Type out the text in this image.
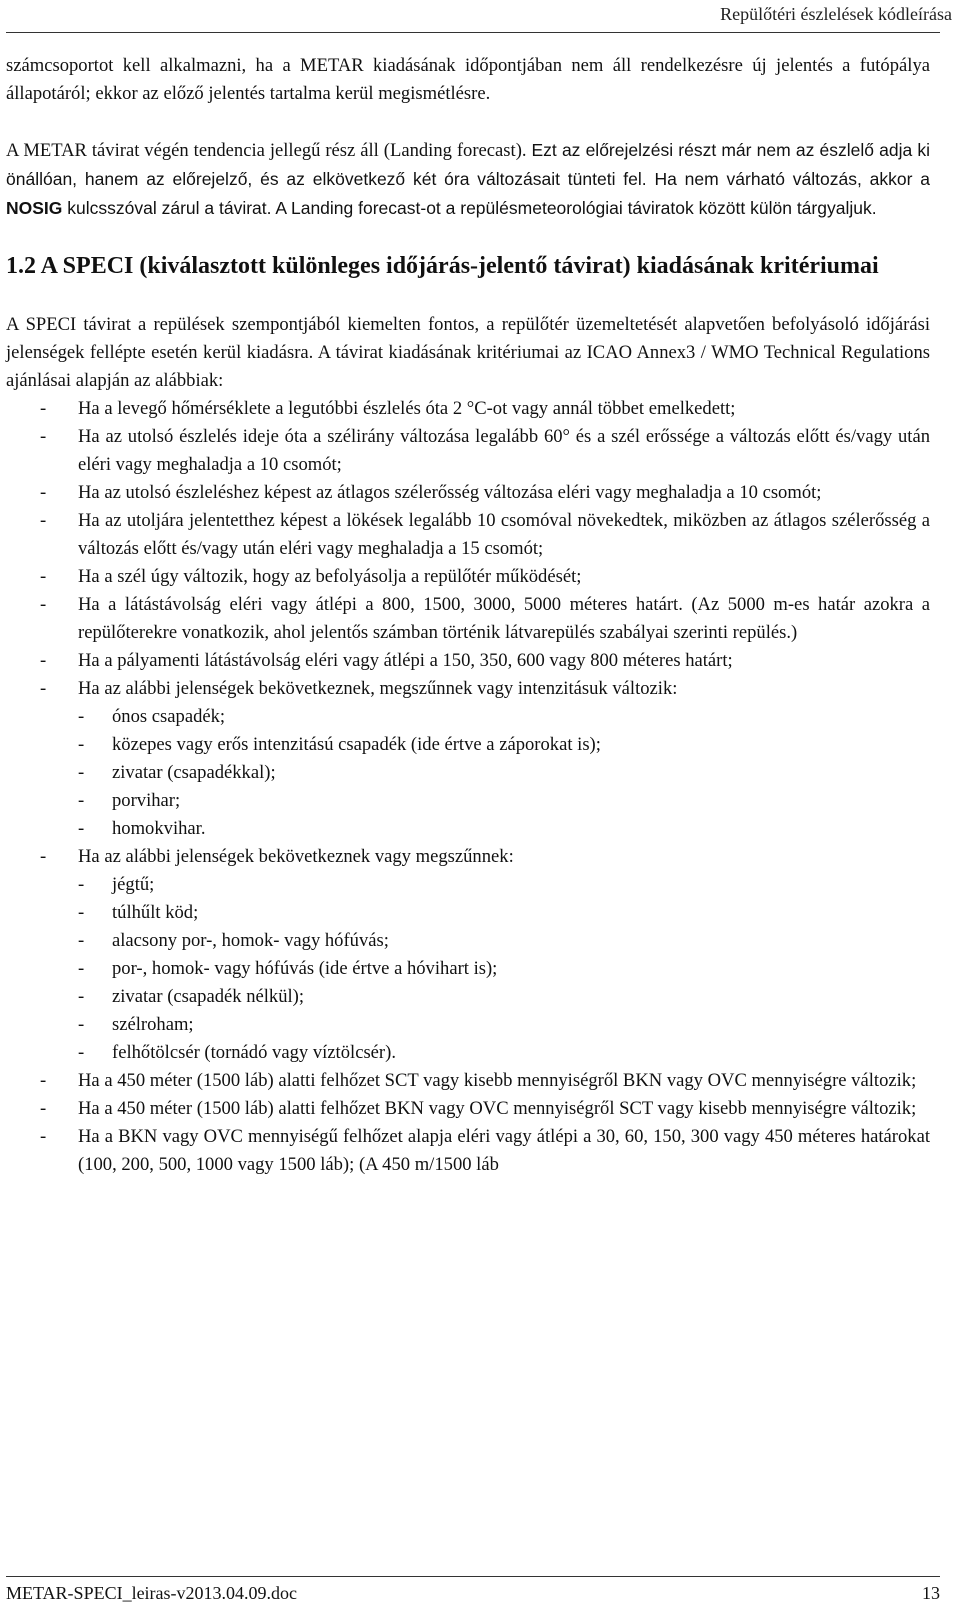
Repülőtéri észlelések kódleírása

számcsoportot kell alkalmazni, ha a METAR kiadásának időpontjában nem áll rendelkezésre új jelentés a futópálya állapotáról; ekkor az előző jelentés tartalma kerül megismétlésre.

A METAR távirat végén tendencia jellegű rész áll (Landing forecast). Ezt az előrejelzési részt már nem az észlelő adja ki önállóan, hanem az előrejelző, és az elkövetkező két óra változásait tünteti fel. Ha nem várható változás, akkor a NOSIG kulcsszóval zárul a távirat. A Landing forecast-ot a repülésmeteorológiai táviratok között külön tárgyaljuk.

1.2 A SPECI (kiválasztott különleges időjárás-jelentő távirat) kiadásának kritériumai

A SPECI távirat a repülések szempontjából kiemelten fontos, a repülőtér üzemeltetését alapvetően befolyásoló időjárási jelenségek fellépte esetén kerül kiadásra. A távirat kiadásának kritériumai az ICAO Annex3 / WMO Technical Regulations ajánlásai alapján az alábbiak:

- Ha a levegő hőmérséklete a legutóbbi észlelés óta 2 °C-ot vagy annál többet emelkedett;
- Ha az utolsó észlelés ideje óta a szélirány változása legalább 60° és a szél erőssége a változás előtt és/vagy után eléri vagy meghaladja a 10 csomót;
- Ha az utolsó észleléshez képest az átlagos szélerősség változása eléri vagy meghaladja a 10 csomót;
- Ha az utoljára jelentetthez képest a lökések legalább 10 csomóval növekedtek, miközben az átlagos szélerősség a változás előtt és/vagy után eléri vagy meghaladja a 15 csomót;
- Ha a szél úgy változik, hogy az befolyásolja a repülőtér működését;
- Ha a látástávolság eléri vagy átlépi a 800, 1500, 3000, 5000 méteres határt. (Az 5000 m-es határ azokra a repülőterekre vonatkozik, ahol jelentős számban történik látvarepülés szabályai szerinti repülés.)
- Ha a pályamenti látástávolság eléri vagy átlépi a 150, 350, 600 vagy 800 méteres határt;
- Ha az alábbi jelenségek bekövetkeznek, megszűnnek vagy intenzitásuk változik:
- ónos csapadék;
- közepes vagy erős intenzitású csapadék (ide értve a záporokat is);
- zivatar (csapadékkal);
- porvihar;
- homokvihar.
- Ha az alábbi jelenségek bekövetkeznek vagy megszűnnek:
- jégtű;
- túlhűlt köd;
- alacsony por-, homok- vagy hófúvás;
- por-, homok- vagy hófúvás (ide értve a hóvihart is);
- zivatar (csapadék nélkül);
- szélroham;
- felhőtölcsér (tornádó vagy víztölcsér).
- Ha a 450 méter (1500 láb) alatti felhőzet SCT vagy kisebb mennyiségről BKN vagy OVC mennyiségre változik;
- Ha a 450 méter (1500 láb) alatti felhőzet BKN vagy OVC mennyiségről SCT vagy kisebb mennyiségre változik;
- Ha a BKN vagy OVC mennyiségű felhőzet alapja eléri vagy átlépi a 30, 60, 150, 300 vagy 450 méteres határokat (100, 200, 500, 1000 vagy 1500 láb); (A 450 m/1500 láb
METAR-SPECI_leiras-v2013.04.09.doc	13
